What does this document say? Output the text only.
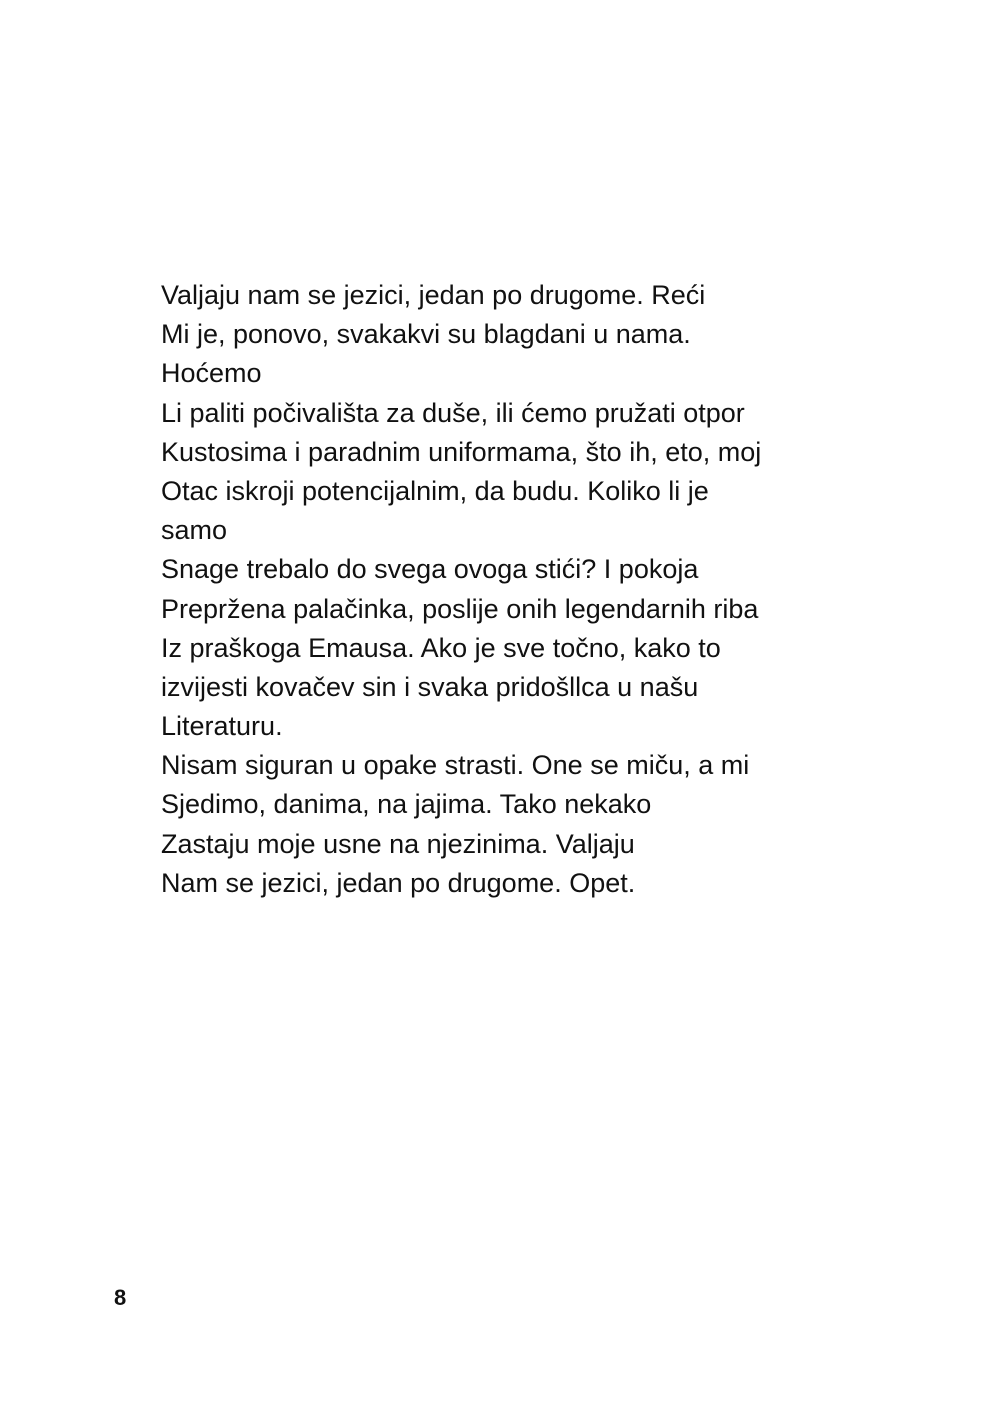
Valjaju nam se jezici, jedan po drugome. Reći
Mi je, ponovo, svakakvi su blagdani u nama.
Hoćemo
Li paliti počivališta za duše, ili ćemo pružati otpor
Kustosima i paradnim uniformama, što ih, eto, moj
Otac iskroji potencijalnim, da budu. Koliko li je
samo
Snage trebalo do svega ovoga stići? I pokoja
Prepržena palačinka, poslije onih legendarnih riba
Iz praškoga Emausa. Ako je sve točno, kako to
izvijesti kovačev sin i svaka pridošllca u našu
Literaturu.
Nisam siguran u opake strasti. One se miču, a mi
Sjedimo, danima, na jajima. Tako nekako
Zastaju moje usne na njezinima. Valjaju
Nam se jezici, jedan po drugome. Opet.
8
